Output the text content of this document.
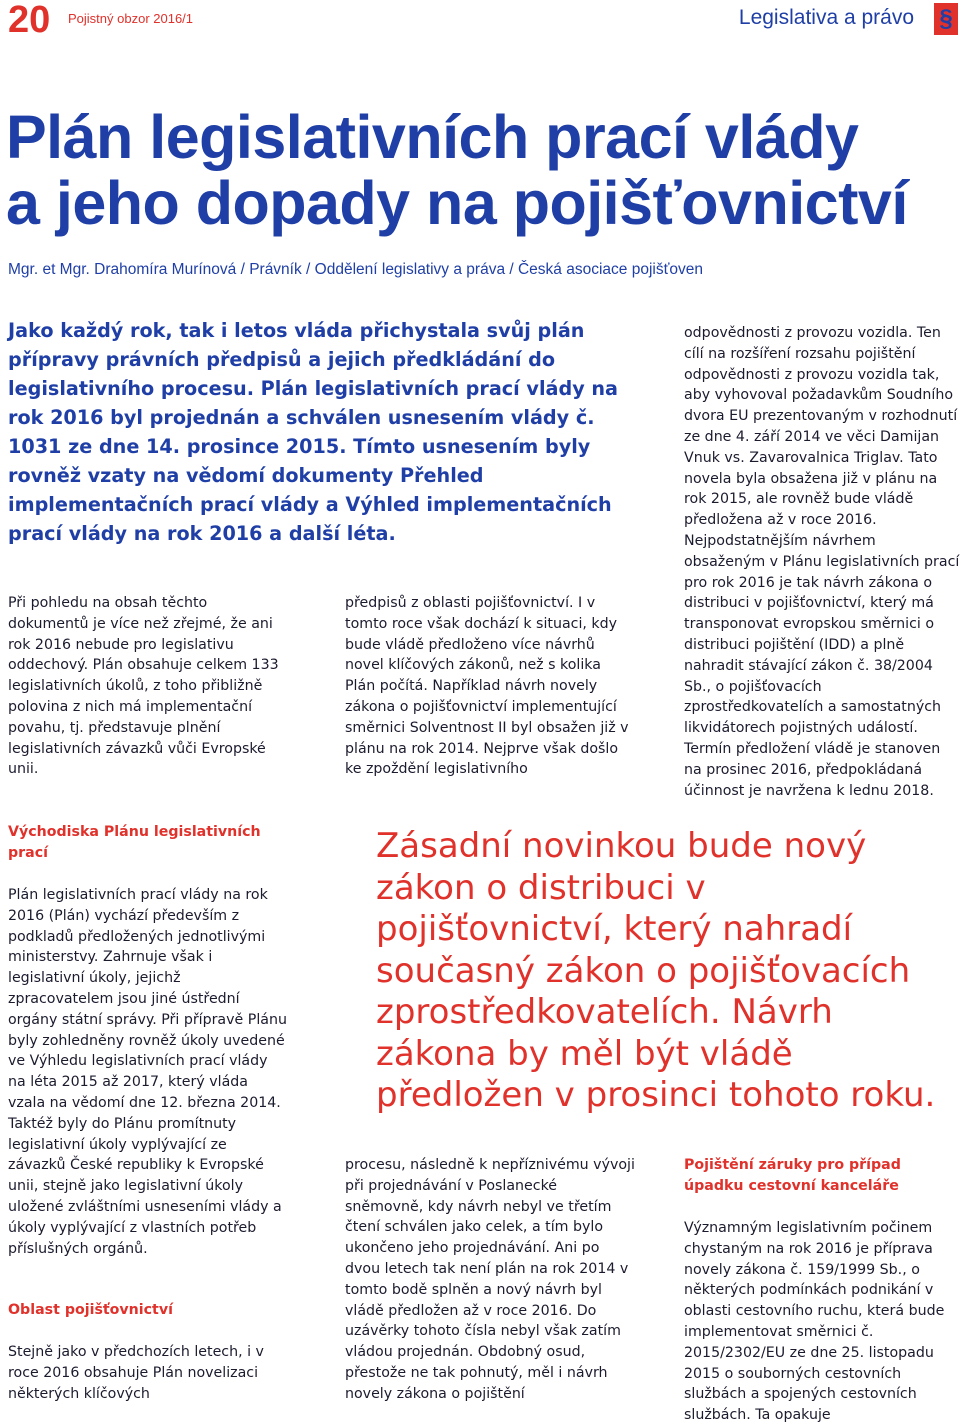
20 Pojistný obzor 2016/1	Legislativa a právo §
Plán legislativních prací vlády
a jeho dopady na pojišťovnictví
Mgr. et Mgr. Drahomíra Murínová / Právník / Oddělení legislativy a práva / Česká asociace pojišťoven

Jako každý rok, tak i letos vláda přichystala svůj plán přípravy právních předpisů a jejich předkládání do legislativního procesu. Plán legislativních prací vlády na rok 2016 byl projednán a schválen usnesením vlády č. 1031 ze dne 14. prosince 2015. Tímto usnesením byly rovněž vzaty na vědomí dokumenty Přehled implementačních prací vlády a Výhled implementačních prací vlády na rok 2016 a další léta.

Při pohledu na obsah těchto dokumentů je více než zřejmé, že ani rok 2016 nebude pro legislativu oddechový. Plán obsahuje celkem 133 legislativních úkolů, z toho přibližně polovina z nich má implementační povahu, tj. představuje plnění legislativních závazků vůči Evropské unii.

předpisů z oblasti pojišťovnictví. I v tomto roce však dochází k situaci, kdy bude vládě předloženo více návrhů novel klíčových zákonů, než s kolika Plán počítá. Například návrh novely zákona o pojišťovnictví implementující směrnici Solventnost II byl obsažen již v plánu na rok 2014. Nejprve však došlo ke zpoždění legislativního

odpovědnosti z provozu vozidla. Ten cílí na rozšíření rozsahu pojištění odpovědnosti z provozu vozidla tak, aby vyhovoval požadavkům Soudního dvora EU prezentovaným v rozhodnutí ze dne 4. září 2014 ve věci Damijan Vnuk vs. Zavarovalnica Triglav. Tato novela byla obsažena již v plánu na rok 2015, ale rovněž bude vládě předložena až v roce 2016. Nejpodstatnějším návrhem obsaženým v Plánu legislativních prací pro rok 2016 je tak návrh zákona o distribuci v pojišťovnictví, který má transponovat evropskou směrnici o distribuci pojištění (IDD) a plně nahradit stávající zákon č. 38/2004 Sb., o pojišťovacích zprostředkovatelích a samostatných likvidátorech pojistných událostí. Termín předložení vládě je stanoven na prosinec 2016, předpokládaná účinnost je navržena k lednu 2018.

Východiska Plánu legislativních prací

Plán legislativních prací vlády na rok 2016 (Plán) vychází především z podkladů předložených jednotlivými ministerstvy. Zahrnuje však i legislativní úkoly, jejichž zpracovatelem jsou jiné ústřední orgány státní správy. Při přípravě Plánu byly zohledněny rovněž úkoly uvedené ve Výhledu legislativních prací vlády na léta 2015 až 2017, který vláda vzala na vědomí dne 12. března 2014. Taktéž byly do Plánu promítnuty legislativní úkoly vyplývající ze závazků České republiky k Evropské unii, stejně jako legislativní úkoly uložené zvláštními usneseními vlády a úkoly vyplývající z vlastních potřeb příslušných orgánů.

Oblast pojišťovnictví

Stejně jako v předchozích letech, i v roce 2016 obsahuje Plán novelizaci některých klíčových

Zásadní novinkou bude nový zákon o distribuci v pojišťovnictví, který nahradí současný zákon o pojišťovacích zprostředkovatelích. Návrh zákona by měl být vládě předložen v prosinci tohoto roku.

procesu, následně k nepříznivému vývoji při projednávání v Poslanecké sněmovně, kdy návrh nebyl ve třetím čtení schválen jako celek, a tím bylo ukončeno jeho projednávání. Ani po dvou letech tak není plán na rok 2014 v tomto bodě splněn a nový návrh byl vládě předložen až v roce 2016. Do uzávěrky tohoto čísla nebyl však zatím vládou projednán. Obdobný osud, přestože ne tak pohnutý, měl i návrh novely zákona o pojištění

Pojištění záruky pro případ úpadku cestovní kanceláře

Významným legislativním počinem chystaným na rok 2016 je příprava novely zákona č. 159/1999 Sb., o některých podmínkách podnikání v oblasti cestovního ruchu, která bude implementovat směrnici č. 2015/2302/EU ze dne 25. listopadu 2015 o souborných cestovních službách a spojených cestovních službách. Ta opakuje
